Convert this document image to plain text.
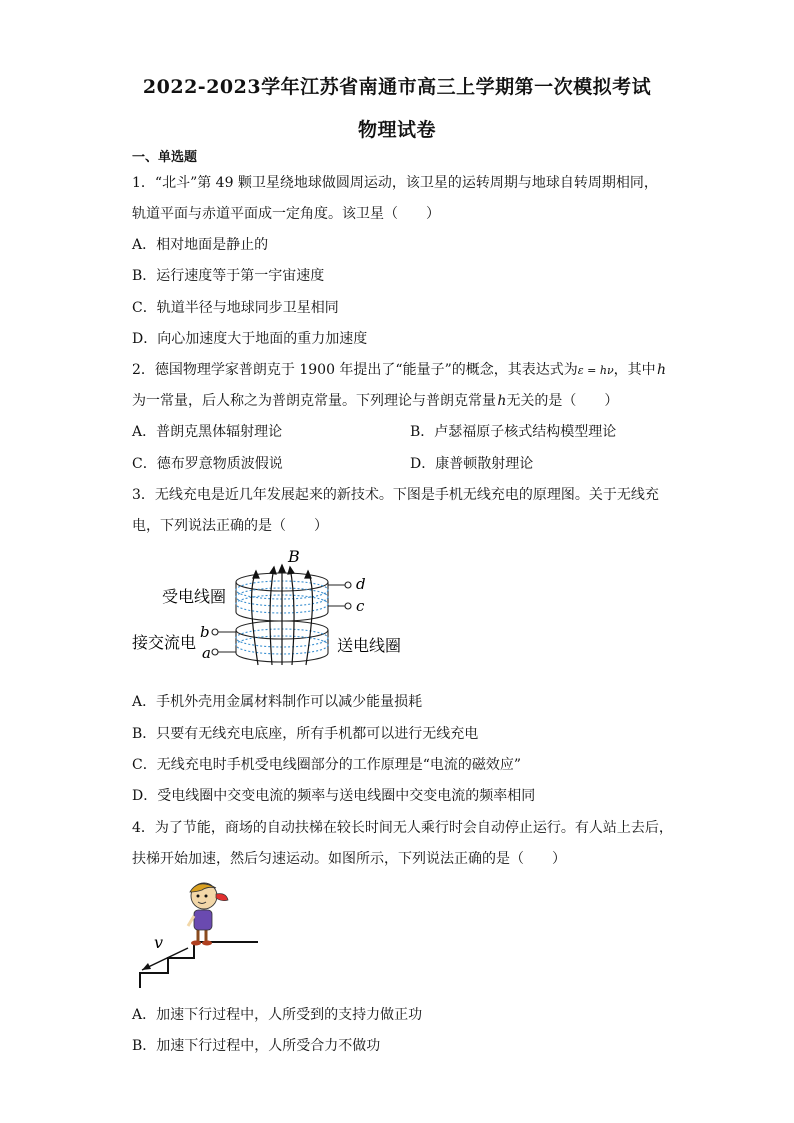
2022-2023学年江苏省南通市高三上学期第一次模拟考试
物理试卷
一、单选题
1．“北斗”第 49 颗卫星绕地球做圆周运动，该卫星的运转周期与地球自转周期相同，
轨道平面与赤道平面成一定角度。该卫星（　　）
A．相对地面是静止的
B．运行速度等于第一宇宙速度
C．轨道半径与地球同步卫星相同
D．向心加速度大于地面的重力加速度
2．德国物理学家普朗克于 1900 年提出了“能量子”的概念，其表达式为ε = hν，其中 h
为一常量，后人称之为普朗克常量。下列理论与普朗克常量 h无关的是（　　）
A．普朗克黑体辐射理论	B．卢瑟福原子核式结构模型理论
C．德布罗意物质波假说	D．康普顿散射理论
3．无线充电是近几年发展起来的新技术。下图是手机无线充电的原理图。关于无线充
电，下列说法正确的是（　　）
B
受电线圈
d
c
接交流电
b
a	送电线圈
A．手机外壳用金属材料制作可以减少能量损耗
B．只要有无线充电底座，所有手机都可以进行无线充电
C．无线充电时手机受电线圈部分的工作原理是“电流的磁效应”
D．受电线圈中交变电流的频率与送电线圈中交变电流的频率相同
4．为了节能，商场的自动扶梯在较长时间无人乘行时会自动停止运行。有人站上去后，
扶梯开始加速，然后匀速运动。如图所示，下列说法正确的是（　　）
v
A．加速下行过程中，人所受到的支持力做正功
B．加速下行过程中，人所受合力不做功
